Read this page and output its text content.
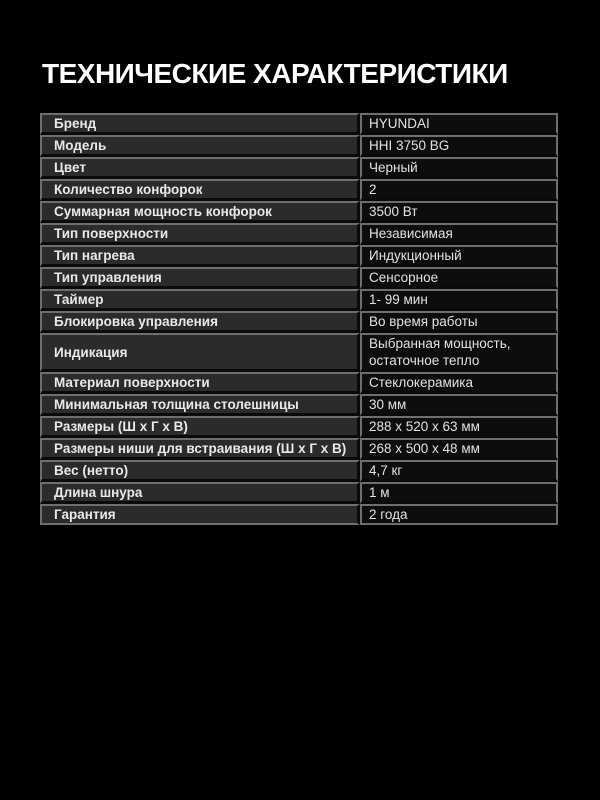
ТЕХНИЧЕСКИЕ ХАРАКТЕРИСТИКИ
Бренд	HYUNDAI
Модель	HHI 3750 BG
Цвет	Черный
Количество конфорок	2
Суммарная мощность конфорок	3500 Вт
Тип поверхности	Независимая
Тип нагрева	Индукционный
Тип управления	Сенсорное
Таймер	1- 99 мин
Блокировка управления	Во время работы
Индикация	Выбранная мощность, остаточное тепло
Материал поверхности	Стеклокерамика
Минимальная толщина столешницы	30 мм
Размеры (Ш х Г х В)	288 х 520 х 63 мм
Размеры ниши для встраивания (Ш х Г х В)	268 х 500 х 48 мм
Вес (нетто)	4,7 кг
Длина шнура	1 м
Гарантия	2 года
